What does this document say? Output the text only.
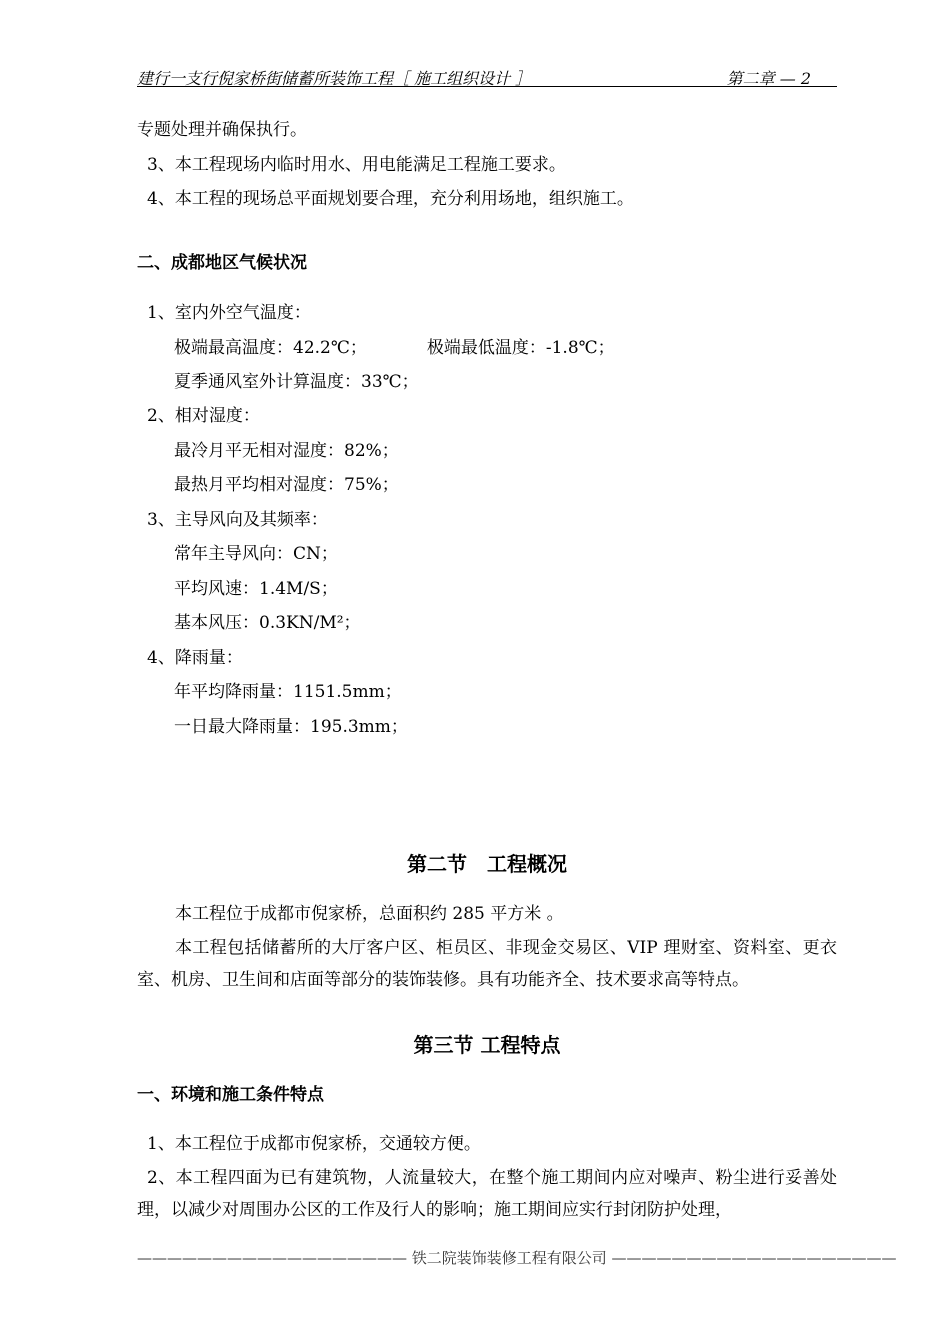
建行一支行倪家桥街储蓄所装饰工程［ 施工组织设计 ］	第二章 — 2
专题处理并确保执行。
3、本工程现场内临时用水、用电能满足工程施工要求。
4、本工程的现场总平面规划要合理，充分利用场地，组织施工。
二、成都地区气候状况
1、室内外空气温度：
极端最高温度：42.2℃；	极端最低温度：-1.8℃；
夏季通风室外计算温度：33℃；
2、相对湿度：
最冷月平无相对湿度：82%；
最热月平均相对湿度：75%；
3、主导风向及其频率：
常年主导风向：CN；
平均风速：1.4M/S；
基本风压：0.3KN/M²；
4、降雨量：
年平均降雨量：1151.5mm；
一日最大降雨量：195.3mm；
第二节　工程概况
本工程位于成都市倪家桥，总面积约 285 平方米 。
本工程包括储蓄所的大厅客户区、柜员区、非现金交易区、VIP 理财室、资料室、更衣室、机房、卫生间和店面等部分的装饰装修。具有功能齐全、技术要求高等特点。
第三节 工程特点
一、环境和施工条件特点
1、本工程位于成都市倪家桥，交通较方便。
2、本工程四面为已有建筑物，人流量较大，在整个施工期间内应对噪声、粉尘进行妥善处理，以减少对周围办公区的工作及行人的影响；施工期间应实行封闭防护处理，
—————————————————— 铁二院装饰装修工程有限公司 ———————————————————
